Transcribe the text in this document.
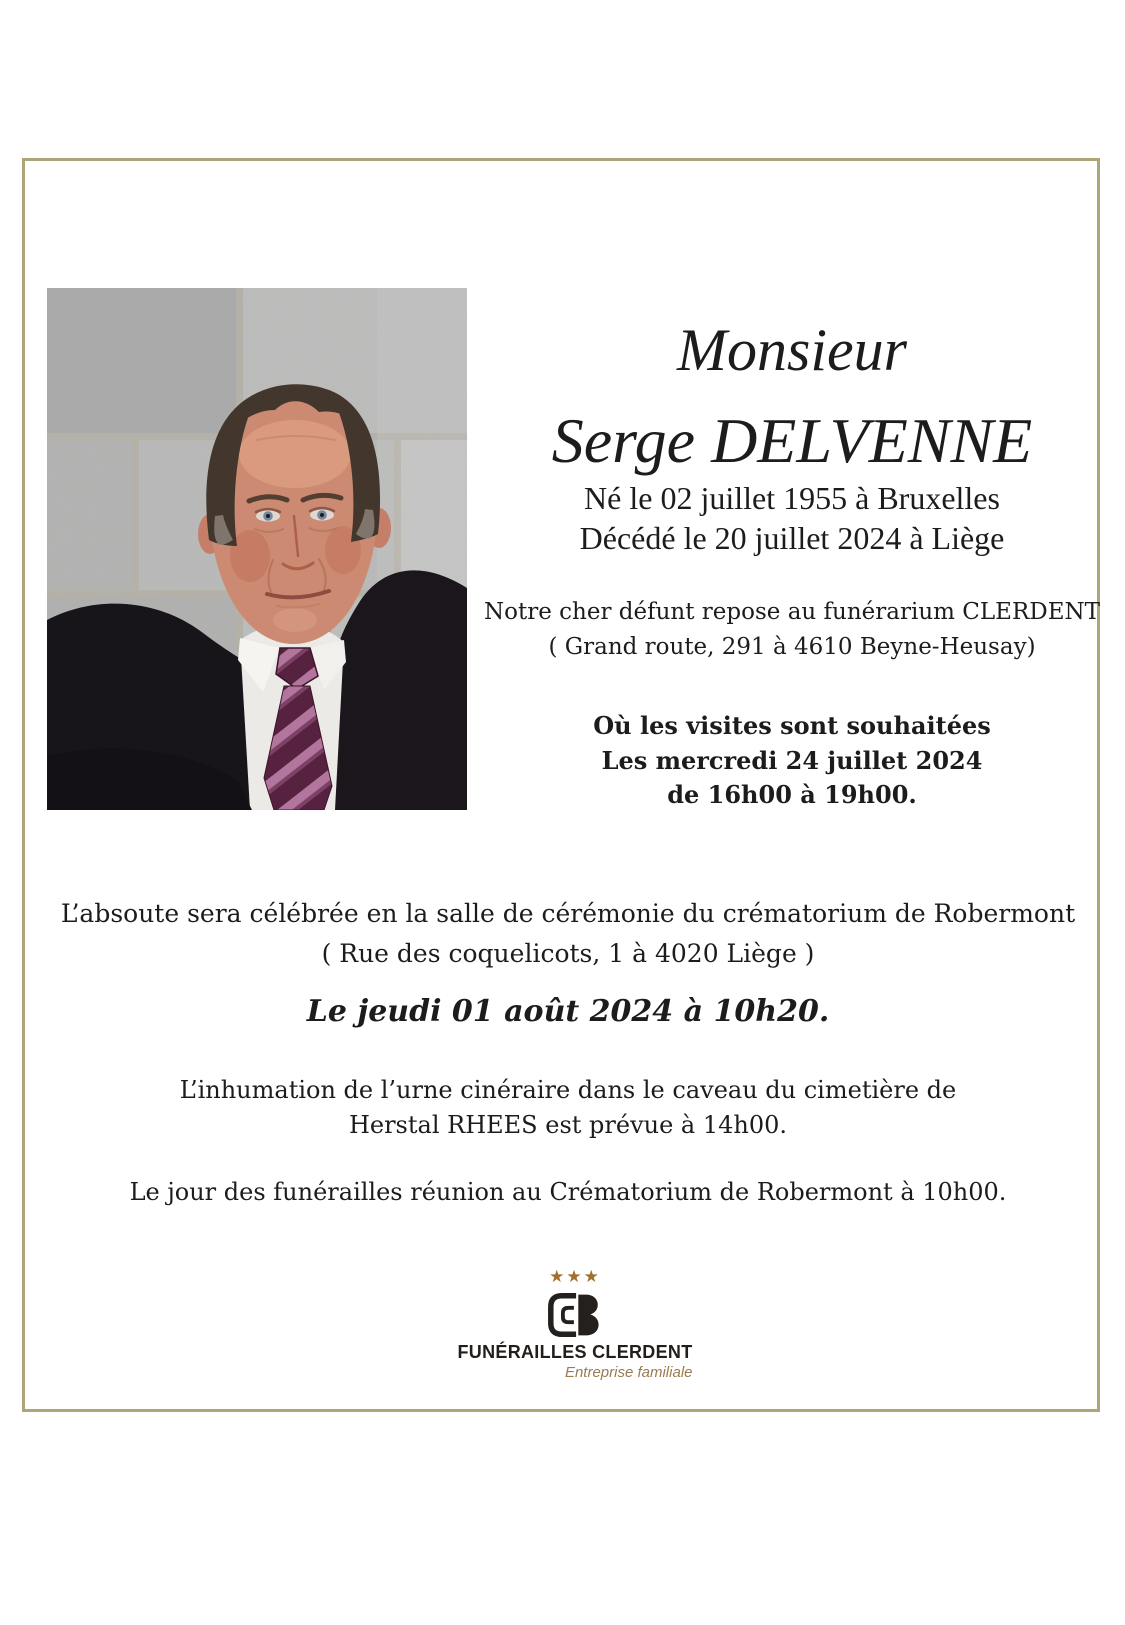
Monsieur
Serge DELVENNE
Né le 02 juillet 1955 à Bruxelles
Décédé le 20 juillet 2024 à Liège
Notre cher défunt repose au funérarium CLERDENT
( Grand route, 291 à 4610 Beyne-Heusay)
Où les visites sont souhaitées
Les mercredi 24 juillet 2024
de 16h00 à 19h00.
L’absoute sera célébrée en la salle de cérémonie du crématorium de Robermont
( Rue des coquelicots, 1 à 4020 Liège )
Le jeudi 01 août 2024 à 10h20.
L’inhumation de l’urne cinéraire dans le caveau du cimetière de
Herstal RHEES est prévue à 14h00.
Le jour des funérailles réunion au Crématorium de Robermont à 10h00.
★★★
FUNÉRAILLES CLERDENT
Entreprise familiale
